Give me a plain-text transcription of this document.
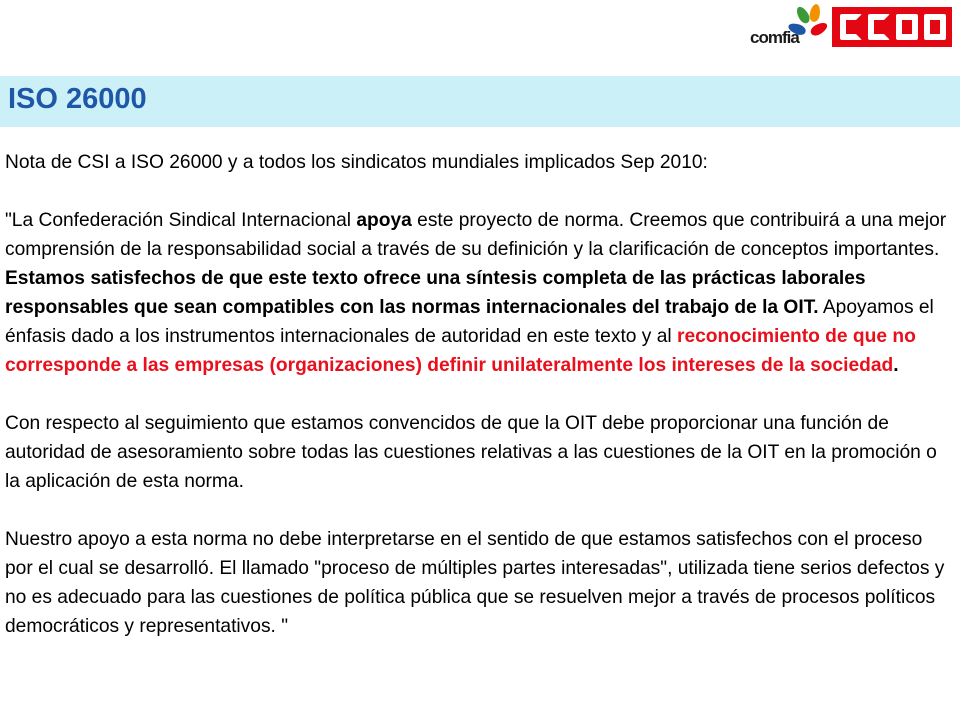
comfia
ISO 26000

Nota de CSI a ISO 26000 y a todos los sindicatos mundiales implicados Sep 2010:

"La Confederación Sindical Internacional apoya este proyecto de norma. Creemos que contribuirá a una mejor comprensión de la responsabilidad social a través de su definición y la clarificación de conceptos importantes. Estamos satisfechos de que este texto ofrece una síntesis completa de las prácticas laborales responsables que sean compatibles con las normas internacionales del trabajo de la OIT. Apoyamos el énfasis dado a los instrumentos internacionales de autoridad en este texto y al reconocimiento de que no corresponde a las empresas (organizaciones) definir unilateralmente los intereses de la sociedad.

Con respecto al seguimiento que estamos convencidos de que la OIT debe proporcionar una función de autoridad de asesoramiento sobre todas las cuestiones relativas a las cuestiones de la OIT en la promoción o la aplicación de esta norma.

Nuestro apoyo a esta norma no debe interpretarse en el sentido de que estamos satisfechos con el proceso por el cual se desarrolló. El llamado "proceso de múltiples partes interesadas", utilizada tiene serios defectos y no es adecuado para las cuestiones de política pública que se resuelven mejor a través de procesos políticos democráticos y representativos. "
